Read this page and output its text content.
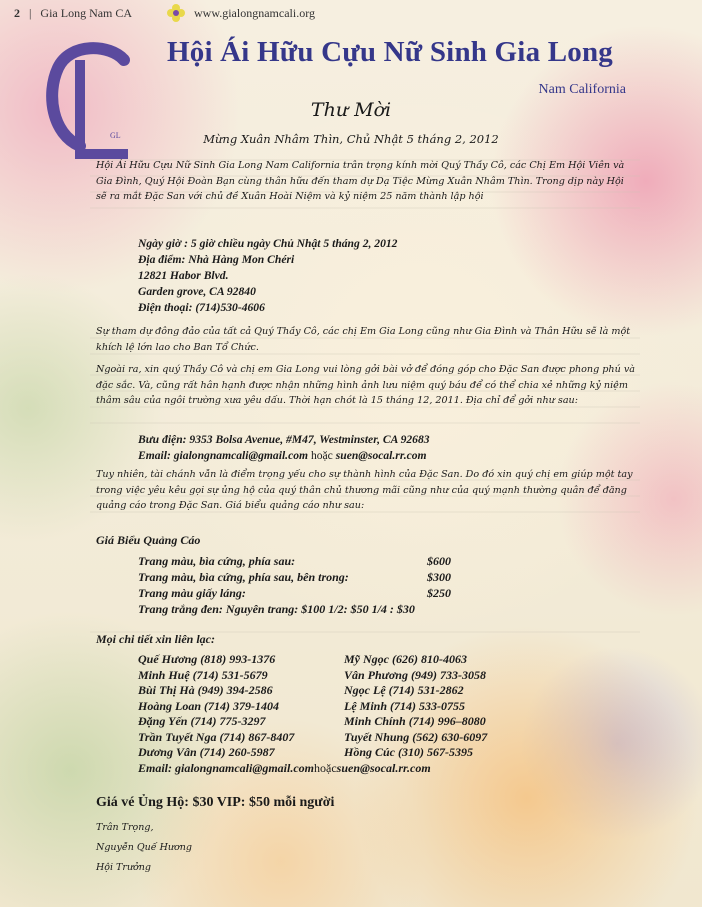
2 | Gia Long Nam CA	www.gialongnamcali.org
GL
Hội Ái Hữu Cựu Nữ Sinh Gia Long
Nam California
Thư Mời
Mừng Xuân Nhâm Thìn, Chủ Nhật 5 tháng 2, 2012
Hội Ái Hữu Cựu Nữ Sinh Gia Long Nam California trân trọng kính mời Quý Thầy Cô, các Chị Em Hội Viên và Gia Đình, Quý Hội Đoàn Bạn cùng thân hữu đến tham dự Dạ Tiệc Mừng Xuân Nhâm Thìn. Trong dịp này Hội sẽ ra mắt Đặc San với chủ đề Xuân Hoài Niệm và kỷ niệm 25 năm thành lập hội
Ngày giờ : 5 giờ chiều ngày Chủ Nhật 5 tháng 2, 2012
Địa điểm: Nhà Hàng Mon Chéri
12821 Habor Blvd.
Garden grove, CA 92840
Điện thoại: (714)530-4606
Sự tham dự đông đảo của tất cả Quý Thầy Cô, các chị Em Gia Long cũng như Gia Đình và Thân Hữu sẽ là một khích lệ lớn lao cho Ban Tổ Chức.
Ngoài ra, xin quý Thầy Cô và chị em Gia Long vui lòng gởi bài vở để đóng góp cho Đặc San được phong phú và đặc sắc. Và, cũng rất hân hạnh được nhận những hình ảnh lưu niệm quý báu để có thể chia xẻ những kỷ niệm thâm sâu của ngôi trường xưa yêu dấu. Thời hạn chót là 15 tháng 12, 2011. Địa chỉ để gởi như sau:
Bưu điện: 9353 Bolsa Avenue, #M47, Westminster, CA 92683
Email: gialongnamcali@gmail.com hoặc suen@socal.rr.com
Tuy nhiên, tài chánh vẫn là điểm trọng yếu cho sự thành hình của Đặc San. Do đó xin quý chị em giúp một tay trong việc yêu kêu gọi sự ủng hộ của quý thân chủ thương mãi cũng như của quý mạnh thường quân để đăng quảng cáo trong Đặc San. Giá biểu quảng cáo như sau:
Giá Biểu Quảng Cáo
Trang màu, bìa cứng, phía sau:	$600
Trang màu, bìa cứng, phía sau, bên trong:	$300
Trang màu giấy láng:	$250
Trang trắng đen: Nguyên trang: $100 1/2: $50 1/4 : $30
Mọi chi tiết xin liên lạc:
Quế Hương (818) 993-1376	Mỹ Ngọc (626) 810-4063
Minh Huệ (714) 531-5679	Vân Phương (949) 733-3058
Bùi Thị Hà (949) 394-2586	Ngọc Lệ (714) 531-2862
Hoàng Loan (714) 379-1404	Lệ Minh (714) 533-0755
Đặng Yến (714) 775-3297	Minh Chính (714) 996–8080
Trần Tuyết Nga (714) 867-8407	Tuyết Nhung (562) 630-6097
Dương Vân (714) 260-5987	Hồng Cúc (310) 567-5395
Email: gialongnamcali@gmail.com hoặc suen@socal.rr.com
Giá vé Ủng Hộ: $30 VIP: $50 mỗi người
Trân Trọng,
Nguyễn Quế Hương
Hội Trưởng
